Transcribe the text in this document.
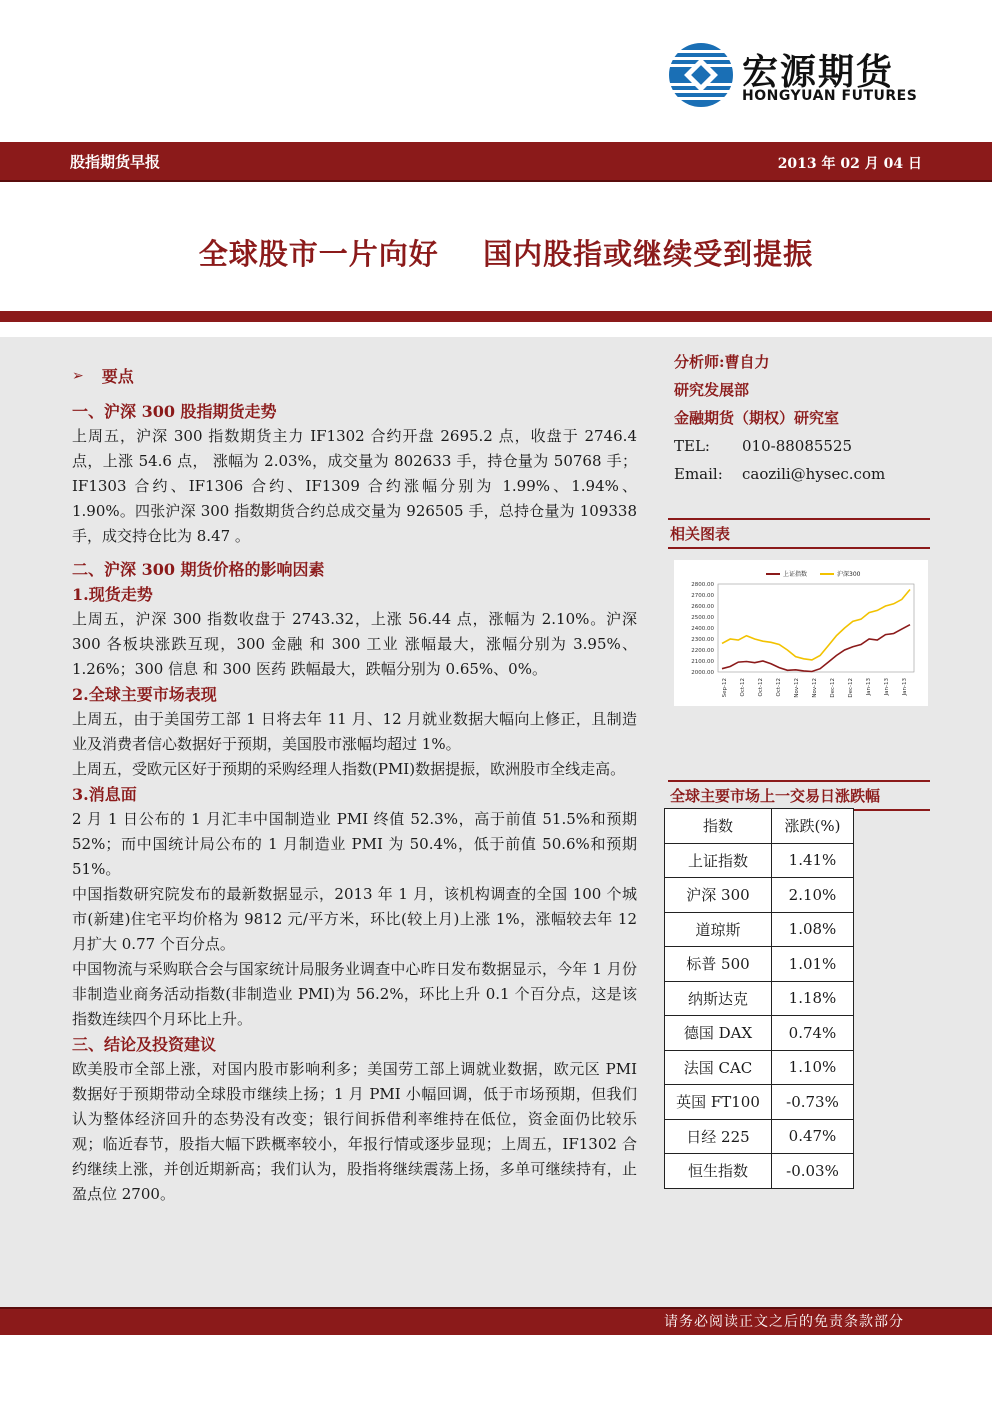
宏源期货
HONGYUAN FUTURES
股指期货早报	2013 年 02 月 04 日
全球股市一片向好    国内股指或继续受到提振
➢ 要点

一、沪深 300 股指期货走势

上周五，沪深 300 指数期货主力 IF1302 合约开盘 2695.2 点，收盘于 2746.4 点，上涨 54.6 点， 涨幅为 2.03%，成交量为 802633 手，持仓量为 50768 手；IF1303 合约、IF1306 合约、IF1309 合约涨幅分别为 1.99%、1.94%、1.90%。四张沪深 300 指数期货合约总成交量为 926505 手，总持仓量为 109338 手，成交持仓比为 8.47 。

二、沪深 300 期货价格的影响因素

1.现货走势

上周五，沪深 300 指数收盘于 2743.32，上涨 56.44 点，涨幅为 2.10%。沪深 300 各板块涨跌互现，300 金融 和 300 工业 涨幅最大，涨幅分别为 3.95%、1.26%；300 信息 和 300 医药 跌幅最大，跌幅分别为 0.65%、0%。

2.全球主要市场表现

上周五，由于美国劳工部 1 日将去年 11 月、12 月就业数据大幅向上修正，且制造业及消费者信心数据好于预期，美国股市涨幅均超过 1%。

上周五，受欧元区好于预期的采购经理人指数(PMI)数据提振，欧洲股市全线走高。

3.消息面

2 月 1 日公布的 1 月汇丰中国制造业 PMI 终值 52.3%，高于前值 51.5%和预期 52%；而中国统计局公布的 1 月制造业 PMI 为 50.4%，低于前值 50.6%和预期 51%。

中国指数研究院发布的最新数据显示，2013 年 1 月，该机构调查的全国 100 个城市(新建)住宅平均价格为 9812 元/平方米，环比(较上月)上涨 1%，涨幅较去年 12 月扩大 0.77 个百分点。

中国物流与采购联合会与国家统计局服务业调查中心昨日发布数据显示，今年 1 月份非制造业商务活动指数(非制造业 PMI)为 56.2%，环比上升 0.1 个百分点，这是该指数连续四个月环比上升。

三、结论及投资建议

欧美股市全部上涨，对国内股市影响利多；美国劳工部上调就业数据，欧元区 PMI 数据好于预期带动全球股市继续上扬；1 月 PMI 小幅回调，低于市场预期，但我们认为整体经济回升的态势没有改变；银行间拆借利率维持在低位，资金面仍比较乐观；临近春节，股指大幅下跌概率较小，年报行情或逐步显现；上周五，IF1302 合约继续上涨，并创近期新高；我们认为，股指将继续震荡上扬，多单可继续持有，止盈点位 2700。

分析师:曹自力

研究发展部

金融期货（期权）研究室

TEL:	010-88085525
Email:	caozili@hysec.com
相关图表
2800.00
2700.00
2600.00
2500.00
2400.00
2300.00
2200.00
2100.00
2000.00
Sep-12 Oct-12 Oct-12 Oct-12 Nov-12 Nov-12 Dec-12 Dec-12 Jan-13 Jan-13 Jan-13
上证指数	沪深300
全球主要市场上一交易日涨跌幅
指数	涨跌(%)
上证指数	1.41%
沪深 300	2.10%
道琼斯	1.08%
标普 500	1.01%
纳斯达克	1.18%
德国 DAX	0.74%
法国 CAC	1.10%
英国 FT100	-0.73%
日经 225	0.47%
恒生指数	-0.03%
请务必阅读正文之后的免责条款部分
